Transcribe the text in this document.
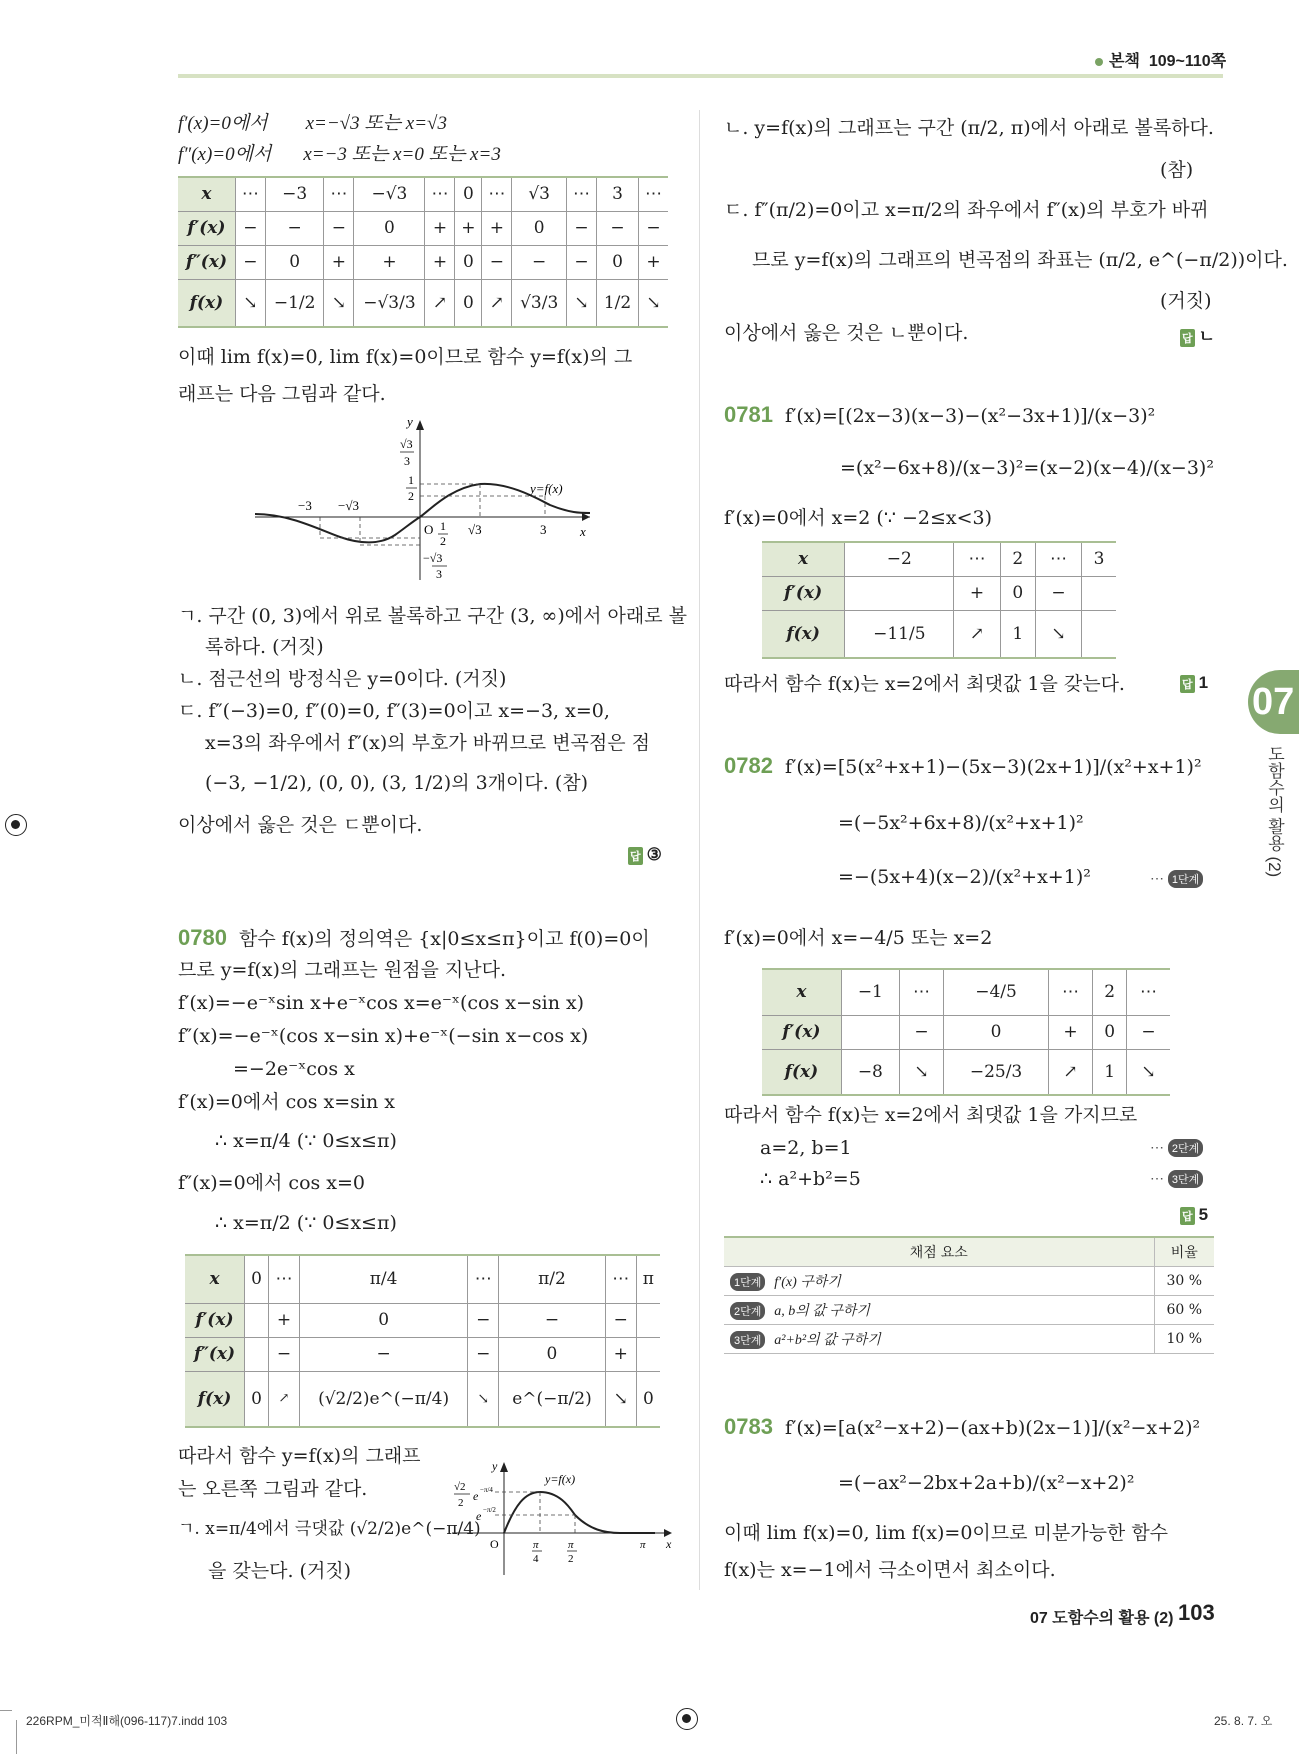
본책 109~110쪽
f′(x)=0에서 x=−√3 또는 x=√3
f″(x)=0에서 x=−3 또는 x=0 또는 x=3
x	⋯	−3	⋯	−√3	⋯	0	⋯	√3	⋯	3	⋯
f′(x)	−	−	−	0	+	+	+	0	−	−	−
f″(x)	−	0	+	+	+	0	−	−	−	0	+
f(x)	↘	−1/2	↘	−√3/3	↗	0	↗	√3/3	↘	1/2	↘
이때 lim f(x)=0, lim f(x)=0이므로 함수 y=f(x)의 그
래프는 다음 그림과 같다.
y
x
O
y=f(x)
−3 −√3
√3	3
√3
3
1
2
1
2
−√3
3
ㄱ. 구간 (0, 3)에서 위로 볼록하고 구간 (3, ∞)에서 아래로 볼
록하다. (거짓)
ㄴ. 점근선의 방정식은 y=0이다. (거짓)
ㄷ. f″(−3)=0, f″(0)=0, f″(3)=0이고 x=−3, x=0,
x=3의 좌우에서 f″(x)의 부호가 바뀌므로 변곡점은 점
(−3, −1/2), (0, 0), (3, 1/2)의 3개이다. (참)
이상에서 옳은 것은 ㄷ뿐이다.
답 ③
0780 함수 f(x)의 정의역은 {x|0≤x≤π}이고 f(0)=0이
므로 y=f(x)의 그래프는 원점을 지난다.
f′(x)=−e⁻ˣsin x+e⁻ˣcos x=e⁻ˣ(cos x−sin x)
f″(x)=−e⁻ˣ(cos x−sin x)+e⁻ˣ(−sin x−cos x)
=−2e⁻ˣcos x
f′(x)=0에서 cos x=sin x
∴ x=π/4 (∵ 0≤x≤π)
f″(x)=0에서 cos x=0
∴ x=π/2 (∵ 0≤x≤π)
x	0	⋯	π/4	⋯	π/2	⋯	π
f′(x)		+	0	−	−	−	
f″(x)		−	−	−	0	+	
f(x)	0	↗	(√2/2)e^(−π/4)	↘	e^(−π/2)	↘	0
따라서 함수 y=f(x)의 그래프
는 오른쪽 그림과 같다.
ㄱ. x=π/4에서 극댓값 (√2/2)e^(−π/4)
을 갖는다. (거짓)
y
x
O
y=f(x)
π
4
π
2
π
√2
2 e −π/4
e −π/2
ㄴ. y=f(x)의 그래프는 구간 (π/2, π)에서 아래로 볼록하다.
(참)
ㄷ. f″(π/2)=0이고 x=π/2의 좌우에서 f″(x)의 부호가 바뀌
므로 y=f(x)의 그래프의 변곡점의 좌표는 (π/2, e^(−π/2))이다.
(거짓)
이상에서 옳은 것은 ㄴ뿐이다.	답 ㄴ
0781 f′(x)=[(2x−3)(x−3)−(x²−3x+1)]/(x−3)²
=(x²−6x+8)/(x−3)²=(x−2)(x−4)/(x−3)²
f′(x)=0에서 x=2 (∵ −2≤x<3)
x	−2	⋯	2	⋯	3
f′(x)		+	0	−	
f(x)	−11/5	↗	1	↘	
따라서 함수 f(x)는 x=2에서 최댓값 1을 갖는다.	답 1
0782 f′(x)=[5(x²+x+1)−(5x−3)(2x+1)]/(x²+x+1)²
=(−5x²+6x+8)/(x²+x+1)²
=−(5x+4)(x−2)/(x²+x+1)²	⋯ 1단계
f′(x)=0에서 x=−4/5 또는 x=2
x	−1	⋯	−4/5	⋯	2	⋯
f′(x)		−	0	+	0	−
f(x)	−8	↘	−25/3	↗	1	↘
따라서 함수 f(x)는 x=2에서 최댓값 1을 가지므로
a=2, b=1	⋯ 2단계
∴ a²+b²=5	⋯ 3단계
답 5
채점 요소	비율
1단계 f′(x) 구하기	30 %
2단계 a, b의 값 구하기	60 %
3단계 a²+b²의 값 구하기	10 %
0783 f′(x)=[a(x²−x+2)−(ax+b)(2x−1)]/(x²−x+2)²
=(−ax²−2bx+2a+b)/(x²−x+2)²
이때 lim f(x)=0, lim f(x)=0이므로 미분가능한 함수
f(x)는 x=−1에서 극소이면서 최소이다.
07
도함수의 활용 (2)
07 도함수의 활용 (2) 103
226RPM_미적Ⅱ해(096-117)7.indd 103	25. 8. 7. 오
